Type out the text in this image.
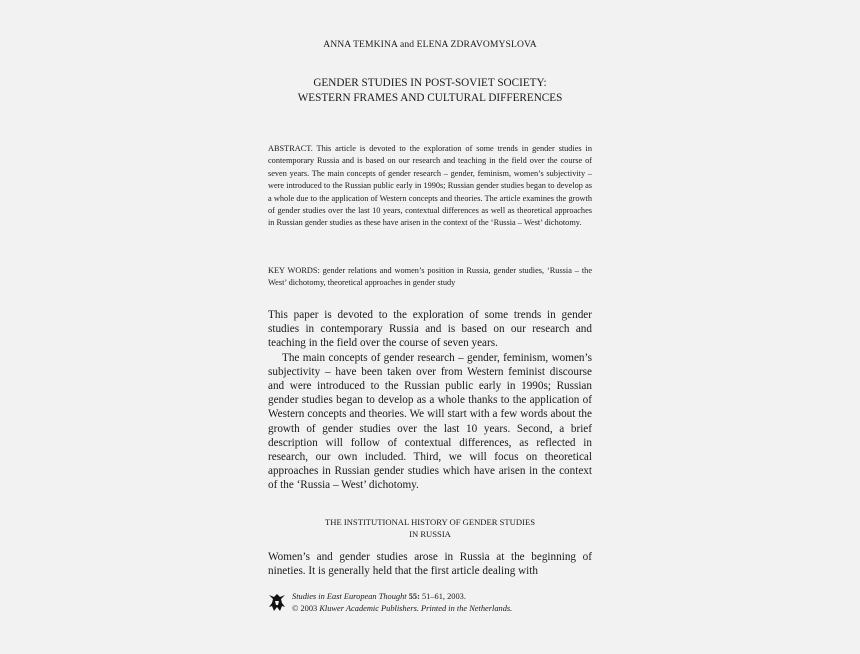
ANNA TEMKINA and ELENA ZDRAVOMYSLOVA
GENDER STUDIES IN POST-SOVIET SOCIETY:
WESTERN FRAMES AND CULTURAL DIFFERENCES
ABSTRACT. This article is devoted to the exploration of some trends in gender studies in contemporary Russia and is based on our research and teaching in the field over the course of seven years. The main concepts of gender research – gender, feminism, women’s subjectivity – were introduced to the Russian public early in 1990s; Russian gender studies began to develop as a whole due to the application of Western concepts and theories. The article examines the growth of gender studies over the last 10 years, contextual differences as well as theoretical approaches in Russian gender studies as these have arisen in the context of the ‘Russia – West’ dichotomy.
KEY WORDS: gender relations and women’s position in Russia, gender studies, ‘Russia – the West’ dichotomy, theoretical approaches in gender study

This paper is devoted to the exploration of some trends in gender studies in contemporary Russia and is based on our research and teaching in the field over the course of seven years.

The main concepts of gender research – gender, feminism, women’s subjectivity – have been taken over from Western feminist discourse and were introduced to the Russian public early in 1990s; Russian gender studies began to develop as a whole thanks to the application of Western concepts and theories. We will start with a few words about the growth of gender studies over the last 10 years. Second, a brief description will follow of contextual differences, as reflected in research, our own included. Third, we will focus on theoretical approaches in Russian gender studies which have arisen in the context of the ‘Russia – West’ dichotomy.

THE INSTITUTIONAL HISTORY OF GENDER STUDIES
IN RUSSIA
Women’s and gender studies arose in Russia at the beginning of nineties. It is generally held that the first article dealing with
Studies in East European Thought 55: 51–61, 2003.
© 2003 Kluwer Academic Publishers. Printed in the Netherlands.
